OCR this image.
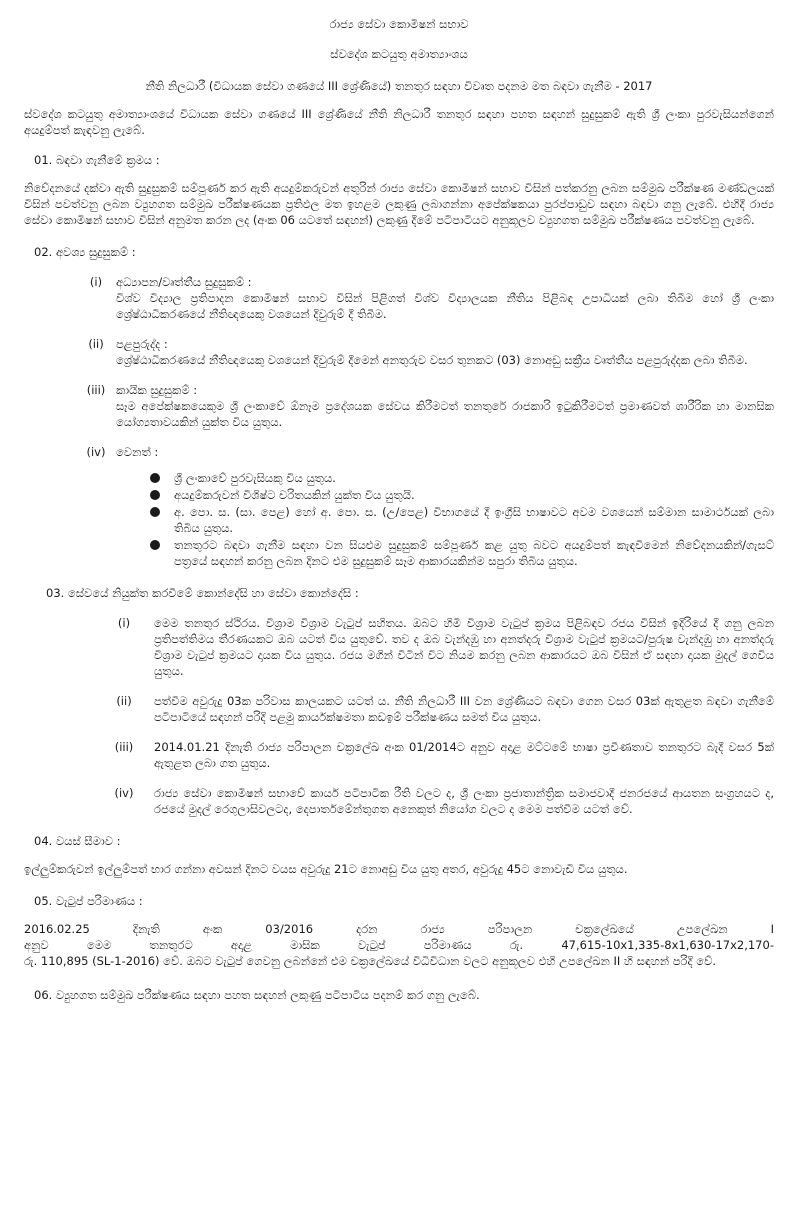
රාජ්‍ය සේවා කොමිෂන් සභාව
ස්වදේශ කටයුතු අමාත්‍යාංශය
නීති නිලධාරී (විධායක සේවා ගණයේ III ශ්‍රේණියේ) තනතුර සඳහා විවෘත පදනම මත බඳවා ගැනීම - 2017
ස්වදේශ කටයුතු අමාත්‍යාංශයේ විධායක සේවා ගණයේ III ශ්‍රේණියේ නීති නිලධාරී තනතුර සඳහා පහත සඳහන් සුදුසුකම් ඇති ශ්‍රී ලංකා පුරවැසියන්ගෙන් අයදුම්පත් කැඳවනු ලැබේ.
01. බඳවා ගැනීමේ ක්‍රමය :
නිවේදනයේ දක්වා ඇති සුදුසුකම් සම්පූර්ණ කර ඇති අයදුම්කරුවන් අතුරින් රාජ්‍ය සේවා කොමිෂන් සභාව විසින් පත්කරනු ලබන සම්මුඛ පරීක්ෂණ මණ්ඩලයක් විසින් පවත්වනු ලබන ව්‍යුහගත සම්මුඛ පරීක්ෂණයක ප්‍රතිඵල මත ඉහළම ලකුණු ලබාගන්නා අපේක්ෂකයා පුරප්පාඩුව සඳහා බඳවා ගනු ලැබේ. එහිදී රාජ්‍ය සේවා කොමිෂන් සභාව විසින් අනුමත කරන ලද (අංක 06 යටතේ සඳහන්) ලකුණු දීමේ පටිපාටියට අනුකූලව ව්‍යුහගත සම්මුඛ පරීක්ෂණය පවත්වනු ලැබේ.
02. අවශ්‍ය සුදුසුකම් :
(i)	අධ්‍යාපන/වෘත්තීය සුදුසුකම් :
විශ්ව විද්‍යාල ප්‍රතිපාදන කොමිෂන් සභාව විසින් පිළිගත් විශ්ව විද්‍යාලයක නීතිය පිළිබඳ උපාධියක් ලබා තිබීම හෝ ශ්‍රී ලංකා ශ්‍රේෂ්ඨාධිකරණයේ නීතිඥයෙකු වශයෙන් දිවුරුම් දී තිබීම.
(ii)	පළපුරුද්ද :
ශ්‍රේෂ්ඨාධිකරණයේ නීතිඥයෙකු වශයෙන් දිවුරුම් දීමෙන් අනතුරුව වසර තුනකට (03) නොඅඩු සක්‍රීය වෘත්තීය පළපුරුද්දක ලබා තිබීම.
(iii) කායික සුදුසුකම් :
සෑම අපේක්ෂකයෙකුම ශ්‍රී ලංකාවේ ඕනෑම ප්‍රදේශයක සේවය කිරීමටත් තනතුරේ රාජකාරි ඉටුකිරීමටත් ප්‍රමාණවත් ශාරීරික හා මානසික යෝග්‍යතාවයකින් යුක්ත විය යුතුය.
(iv) වෙනත් :
ශ්‍රී ලංකාවේ පුරවැසියකු විය යුතුය.
අයදුම්කරුවන් විශිෂ්ට චරිතයකින් යුක්ත විය යුතුයි.
අ. පො. ස. (සා. පෙළ) හෝ අ. පො. ස. (උ/පෙළ) විභාගයේ දී ඉංග්‍රීසි භාෂාවට අවම වශයෙන් සම්මාන සාමාර්ථයක් ලබා තිබිය යුතුය.
තනතුරට බඳවා ගැනීම සඳහා වන සියළුම සුදුසුකම් සම්පූර්ණ කළ යුතු බවට අයදුම්පත් කැඳවීමෙන් නිවේදනයකින්/ගැසට් පත්‍රයේ සඳහන් කරනු ලබන දිනට එම සුදුසුකම් සෑම ආකාරයකින්ම සපුරා තිබිය යුතුය.
03. සේවයේ නියුක්ත කරවීමේ කොන්දේසි හා සේවා කොන්දේසි :
(i)	මෙම තනතුර ස්ථිරය. විශ්‍රාම විශ්‍රාම වැටුප් සහිතය. ඔබට හිමි විශ්‍රාම වැටුප් ක්‍රමය පිළිබඳව රජය විසින් ඉදිරියේ දී ගනු ලබන ප්‍රතිපත්තිමය තීරණයකට ඔබ යටත් විය යුතුවේ. තව ද ඔබ වැන්දඹු හා අනත්දරු විශ්‍රාම වැටුප් ක්‍රමයට/පුරුෂ වැන්දඹු හා අනත්දරු විශ්‍රාම වැටුප් ක්‍රමයට දායක විය යුතුය. රජය මගින් විටින් විට නියම කරනු ලබන ආකාරයට ඔබ විසින් ඒ සඳහා දායක මුදල් ගෙවිය යුතුය.
(ii)	පත්වීම අවුරුදු 03ක පරිවාස කාලයකට යටත් ය. නීති නිලධාරී III වන ශ්‍රේණියට බඳවා ගෙන වසර 03ක් ඇතුළත බඳවා ගැනීමේ පටිපාටියේ සඳහන් පරිදි පළමු කාර්යක්ෂමතා කඩඉම් පරීක්ෂණය සමත් විය යුතුය.
(iii)	2014.01.21 දිනැති රාජ්‍ය පරිපාලන චක්‍රලේඛ අංක 01/2014ට අනුව අදාළ මට්ටමේ භාෂා ප්‍රවීණතාව තනතුරට බැදී වසර 5ක් ඇතුළත ලබා ගත යුතුය.
(iv)	රාජ්‍ය සේවා කොමිෂන් සභාවේ කාර්ය පටිපාටික රීති වලට ද, ශ්‍රී ලංකා ප්‍රජාතාන්ත්‍රික සමාජවාදී ජනරජයේ ආයතන සංග්‍රහයට ද, රජයේ මුදල් රෙගුලාසිවලටද, දෙපාර්තමේන්තුගත අනෙකුත් නියෝග වලට ද මෙම පත්වීම යටත් වේ.
04. වයස් සීමාව :
ඉල්ලුම්කරුවන් ඉල්ලුම්පත් භාර ගන්නා අවසන් දිනට වයස අවුරුදු 21ට නොඅඩු විය යුතු අතර, අවුරුදු 45ට නොවැඩි විය යුතුය.
05. වැටුප් පරිමාණය :
2016.02.25	දිනැති	අංක	03/2016	දරන	රාජ්‍ය	පරිපාලන	චක්‍රලේඛයේ	උපලේඛන	I
අනුව	මෙම	තනතුරට	අදාළ	මාසික	වැටුප්	පරිමාණය	රු.	47,615-10x1,335-8x1,630-17x2,170-
රු. 110,895 (SL-1-2016) වේ. ඔබට වැටුප් ගෙවනු ලබන්නේ එම චක්‍රලේඛයේ විධිවිධාන වලට අනුකූලව එහි උපලේඛන II හි සඳහන් පරිදි වේ.
06. ව්‍යුහගත සම්මුඛ පරීක්ෂණය සඳහා පහත සඳහන් ලකුණු පටිපාටිය පදනම් කර ගනු ලැබේ.
